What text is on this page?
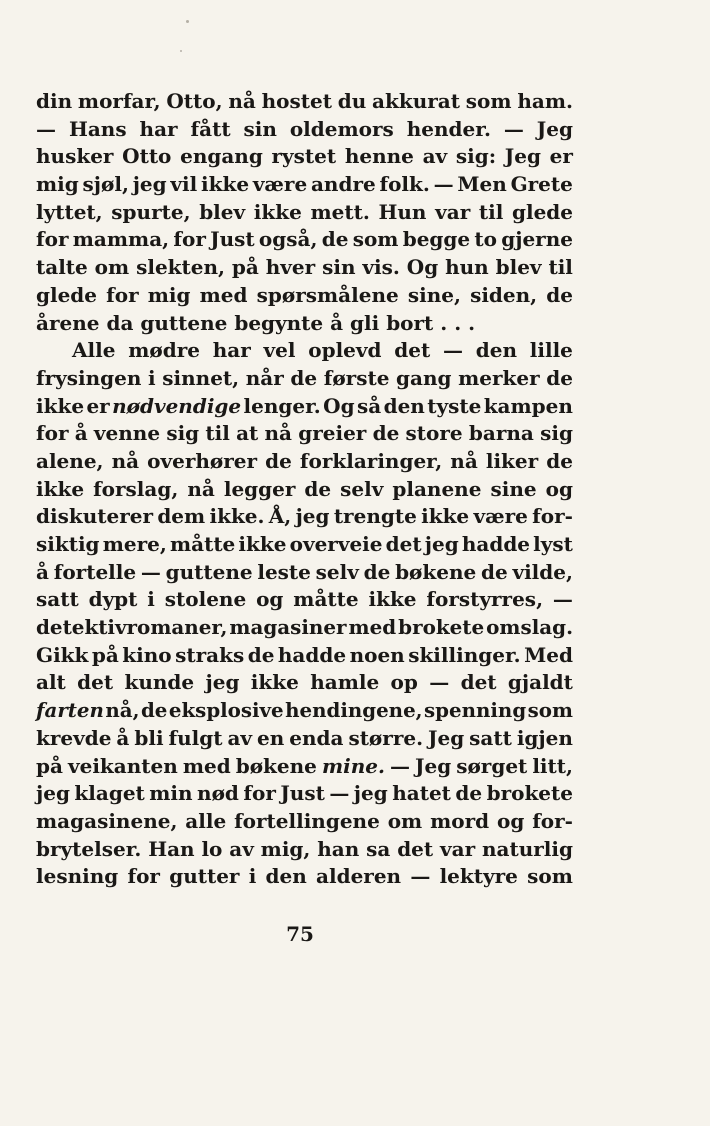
din morfar, Otto, nå hostet du akkurat som ham.
— Hans har fått sin oldemors hender. — Jeg
husker Otto engang rystet henne av sig: Jeg er
mig sjøl, jeg vil ikke være andre folk. — Men Grete
lyttet, spurte, blev ikke mett. Hun var til glede
for mamma, for Just også, de som begge to gjerne
talte om slekten, på hver sin vis. Og hun blev til
glede for mig med spørsmålene sine, siden, de
årene da guttene begynte å gli bort . . .
Alle mødre har vel oplevd det — den lille
frysingen i sinnet, når de første gang merker de
ikke er nødvendige lenger. Og så den tyste kampen
for å venne sig til at nå greier de store barna sig
alene, nå overhører de forklaringer, nå liker de
ikke forslag, nå legger de selv planene sine og
diskuterer dem ikke. Å, jeg trengte ikke være for-
siktig mere, måtte ikke overveie det jeg hadde lyst
å fortelle — guttene leste selv de bøkene de vilde,
satt dypt i stolene og måtte ikke forstyrres, —
detektivromaner, magasiner med brokete omslag.
Gikk på kino straks de hadde noen skillinger. Med
alt det kunde jeg ikke hamle op — det gjaldt
farten nå, de eksplosive hendingene, spenning som
krevde å bli fulgt av en enda større. Jeg satt igjen
på veikanten med bøkene mine. — Jeg sørget litt,
jeg klaget min nød for Just — jeg hatet de brokete
magasinene, alle fortellingene om mord og for-
brytelser. Han lo av mig, han sa det var naturlig
lesning for gutter i den alderen — lektyre som
75
